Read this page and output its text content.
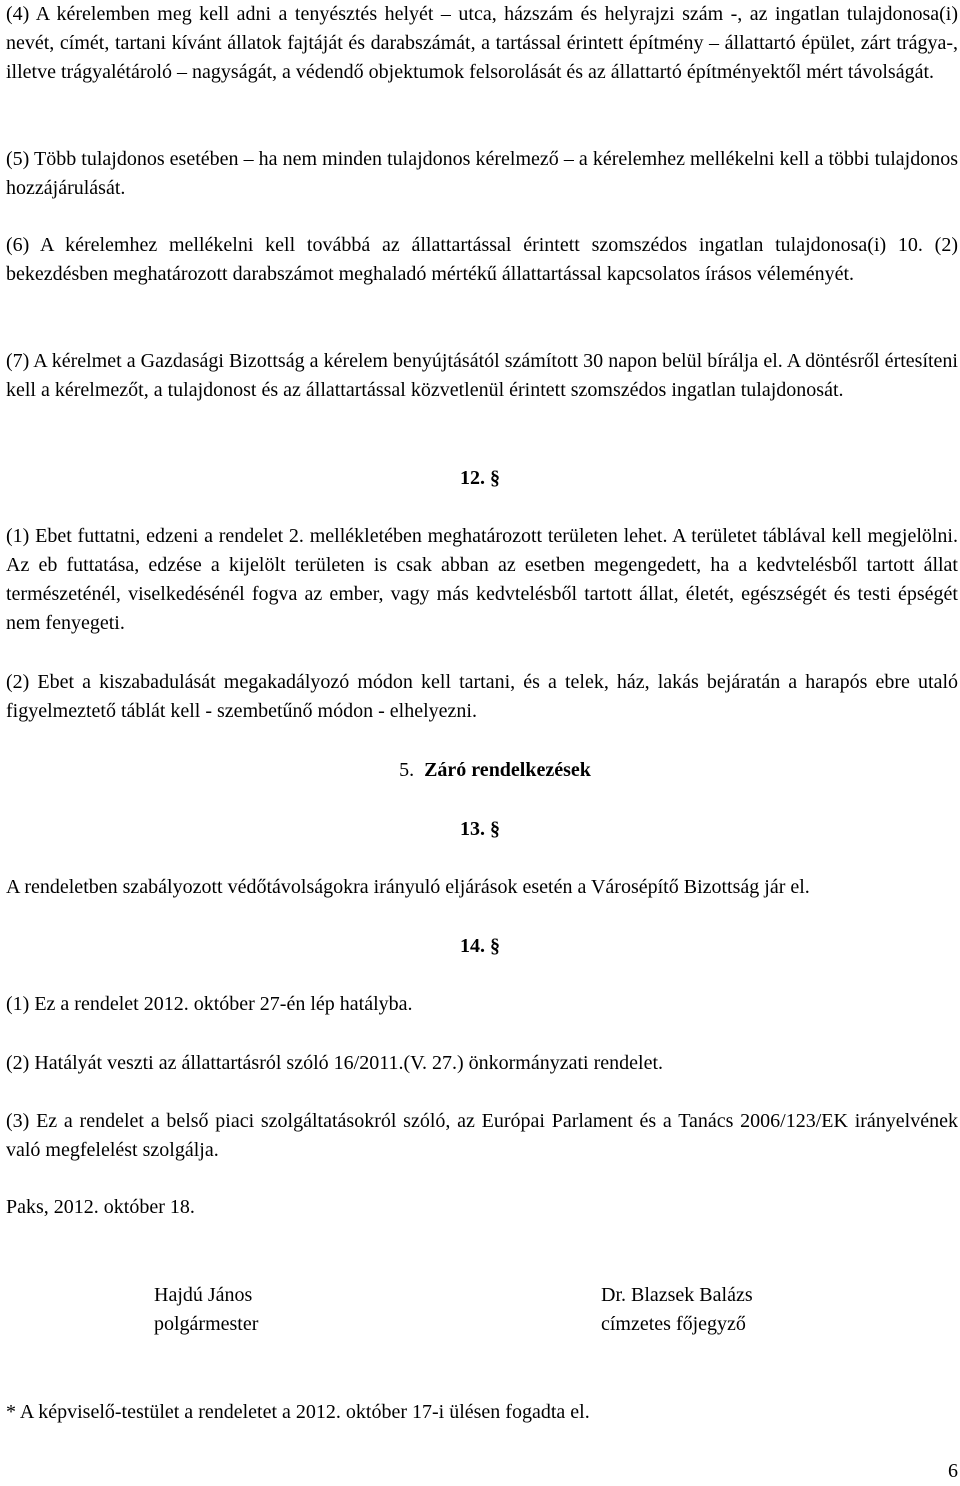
(4) A kérelemben meg kell adni a tenyésztés helyét – utca, házszám és helyrajzi szám -, az ingatlan tulajdonosa(i) nevét, címét, tartani kívánt állatok fajtáját és darabszámát, a tartással érintett építmény – állattartó épület, zárt trágya-, illetve trágyalétároló – nagyságát, a védendő objektumok felsorolását és az állattartó építményektől mért távolságát.

(5) Több tulajdonos esetében – ha nem minden tulajdonos kérelmező – a kérelemhez mellékelni kell a többi tulajdonos hozzájárulását.

(6) A kérelemhez mellékelni kell továbbá az állattartással érintett szomszédos ingatlan tulajdonosa(i) 10. (2) bekezdésben meghatározott darabszámot meghaladó mértékű állattartással kapcsolatos írásos véleményét.

(7) A kérelmet a Gazdasági Bizottság a kérelem benyújtásától számított 30 napon belül bírálja el. A döntésről értesíteni kell a kérelmezőt, a tulajdonost és az állattartással közvetlenül érintett szomszédos ingatlan tulajdonosát.

12. §

(1) Ebet futtatni, edzeni a rendelet 2. mellékletében meghatározott területen lehet. A területet táblával kell megjelölni. Az eb futtatása, edzése a kijelölt területen is csak abban az esetben megengedett, ha a kedvtelésből tartott állat természeténél, viselkedésénél fogva az ember, vagy más kedvtelésből tartott állat, életét, egészségét és testi épségét nem fenyegeti.

(2) Ebet a kiszabadulását megakadályozó módon kell tartani, és a telek, ház, lakás bejáratán a harapós ebre utaló figyelmeztető táblát kell - szembetűnő módon - elhelyezni.

5. Záró rendelkezések
13. §

A rendeletben szabályozott védőtávolságokra irányuló eljárások esetén a Városépítő Bizottság jár el.

14. §

(1) Ez a rendelet 2012. október 27-én lép hatályba.

(2) Hatályát veszti az állattartásról szóló 16/2011.(V. 27.) önkormányzati rendelet.

(3) Ez a rendelet a belső piaci szolgáltatásokról szóló, az Európai Parlament és a Tanács 2006/123/EK irányelvének való megfelelést szolgálja.

Paks, 2012. október 18.

Hajdú János
polgármester
Dr. Blazsek Balázs
címzetes főjegyző
* A képviselő-testület a rendeletet a 2012. október 17-i ülésen fogadta el.
6
